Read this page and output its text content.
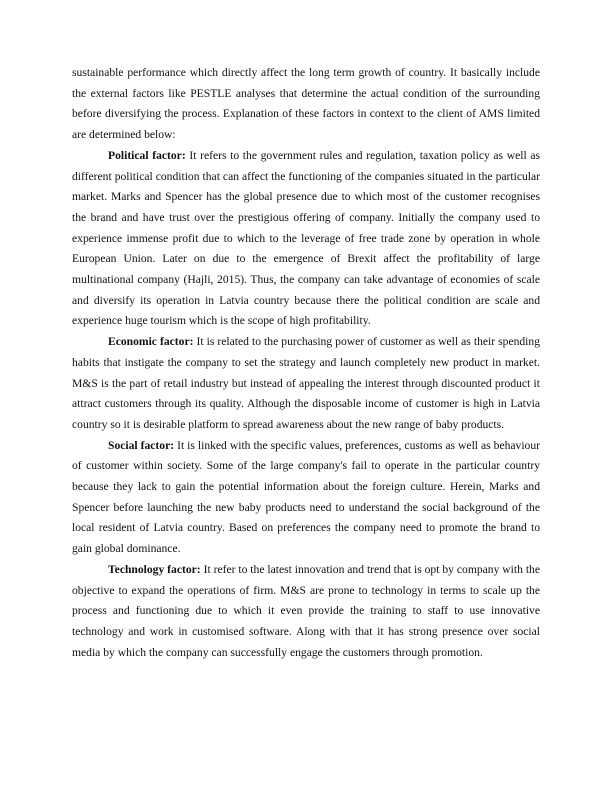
sustainable performance which directly affect the long term growth of country. It basically include the external factors like PESTLE analyses that determine the actual condition of the surrounding before diversifying the process. Explanation of these factors in context to the client of AMS limited are determined below:

Political factor: It refers to the government rules and regulation, taxation policy as well as different political condition that can affect the functioning of the companies situated in the particular market. Marks and Spencer has the global presence due to which most of the customer recognises the brand and have trust over the prestigious offering of company. Initially the company used to experience immense profit due to which to the leverage of free trade zone by operation in whole European Union. Later on due to the emergence of Brexit affect the profitability of large multinational company (Hajli, 2015). Thus, the company can take advantage of economies of scale and diversify its operation in Latvia country because there the political condition are scale and experience huge tourism which is the scope of high profitability.

Economic factor: It is related to the purchasing power of customer as well as their spending habits that instigate the company to set the strategy and launch completely new product in market. M&S is the part of retail industry but instead of appealing the interest through discounted product it attract customers through its quality. Although the disposable income of customer is high in Latvia country so it is desirable platform to spread awareness about the new range of baby products.

Social factor: It is linked with the specific values, preferences, customs as well as behaviour of customer within society. Some of the large company's fail to operate in the particular country because they lack to gain the potential information about the foreign culture. Herein, Marks and Spencer before launching the new baby products need to understand the social background of the local resident of Latvia country. Based on preferences the company need to promote the brand to gain global dominance.

Technology factor: It refer to the latest innovation and trend that is opt by company with the objective to expand the operations of firm. M&S are prone to technology in terms to scale up the process and functioning due to which it even provide the training to staff to use innovative technology and work in customised software. Along with that it has strong presence over social media by which the company can successfully engage the customers through promotion.
